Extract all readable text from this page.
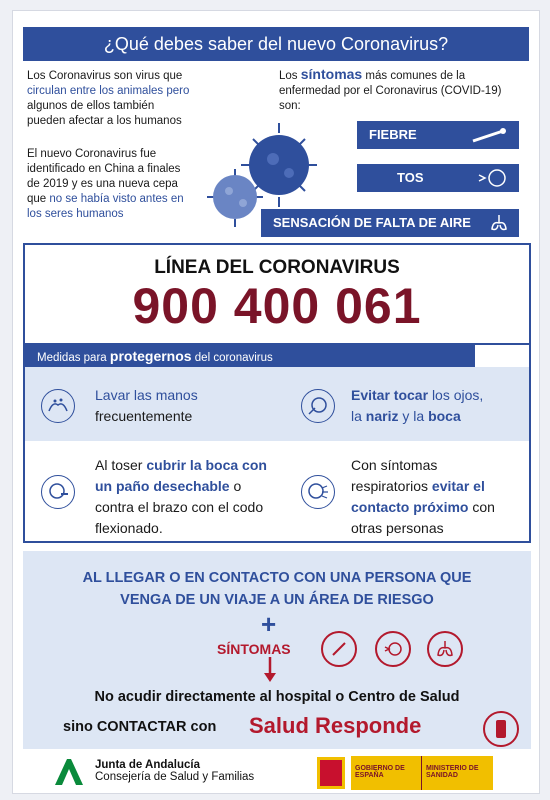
¿Qué debes saber del nuevo Coronavirus?
Los Coronavirus son virus que
circulan entre los animales pero
algunos de ellos también
pueden afectar a los humanos
El nuevo Coronavirus fue
identificado en China a finales
de 2019 y es una nueva cepa
que no se había visto antes en
los seres humanos
Los síntomas más comunes de la
enfermedad por el Coronavirus (COVID-19)
son:
FIEBRE
TOS
SENSACIÓN DE FALTA DE AIRE
LÍNEA DEL CORONAVIRUS
900 400 061
Medidas para protegernos del coronavirus
Lavar las manos
frecuentemente
Evitar tocar los ojos,
la nariz y la boca
Al toser cubrir la boca con
un paño desechable o
contra el brazo con el codo
flexionado.
Con síntomas
respiratorios evitar el
contacto próximo con
otras personas
AL LLEGAR O EN CONTACTO CON UNA PERSONA QUE
VENGA DE UN VIAJE A UN ÁREA DE RIESGO
+
SÍNTOMAS
No acudir directamente al hospital o Centro de Salud
sino CONTACTAR con Salud Responde
Junta de Andalucía
Consejería de Salud y Familias
GOBIERNO DE ESPAÑA
MINISTERIO DE SANIDAD
